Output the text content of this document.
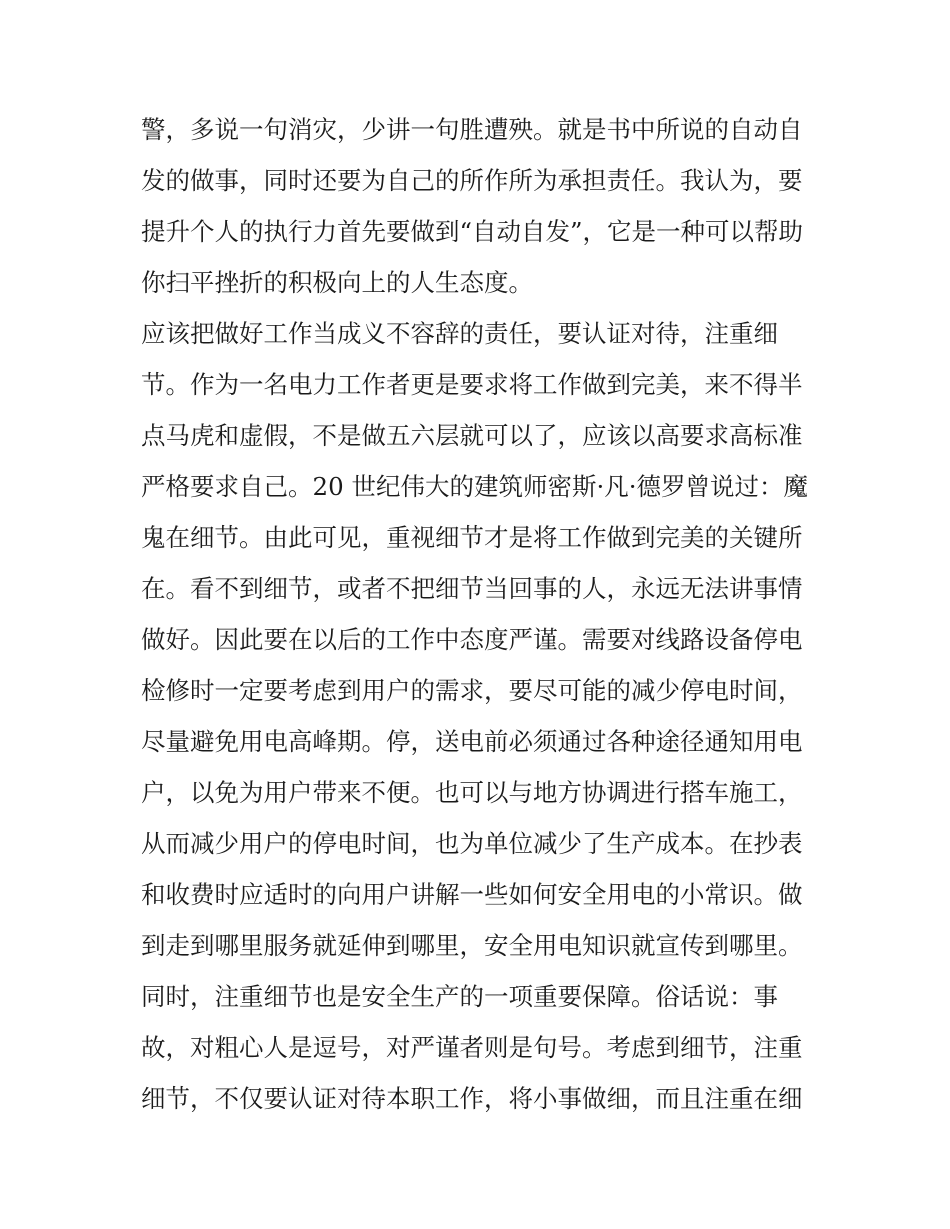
警，多说一句消灾，少讲一句胜遭殃。就是书中所说的自动自
发的做事，同时还要为自己的所作所为承担责任。我认为，要
提升个人的执行力首先要做到“自动自发”，它是一种可以帮助
你扫平挫折的积极向上的人生态度。
应该把做好工作当成义不容辞的责任，要认证对待，注重细
节。作为一名电力工作者更是要求将工作做到完美，来不得半
点马虎和虚假，不是做五六层就可以了，应该以高要求高标准
严格要求自己。20 世纪伟大的建筑师密斯·凡·德罗曾说过：魔
鬼在细节。由此可见，重视细节才是将工作做到完美的关键所
在。看不到细节，或者不把细节当回事的人，永远无法讲事情
做好。因此要在以后的工作中态度严谨。需要对线路设备停电
检修时一定要考虑到用户的需求，要尽可能的减少停电时间，
尽量避免用电高峰期。停，送电前必须通过各种途径通知用电
户，以免为用户带来不便。也可以与地方协调进行搭车施工，
从而减少用户的停电时间，也为单位减少了生产成本。在抄表
和收费时应适时的向用户讲解一些如何安全用电的小常识。做
到走到哪里服务就延伸到哪里，安全用电知识就宣传到哪里。
同时，注重细节也是安全生产的一项重要保障。俗话说：事
故，对粗心人是逗号，对严谨者则是句号。考虑到细节，注重
细节，不仅要认证对待本职工作，将小事做细，而且注重在细
